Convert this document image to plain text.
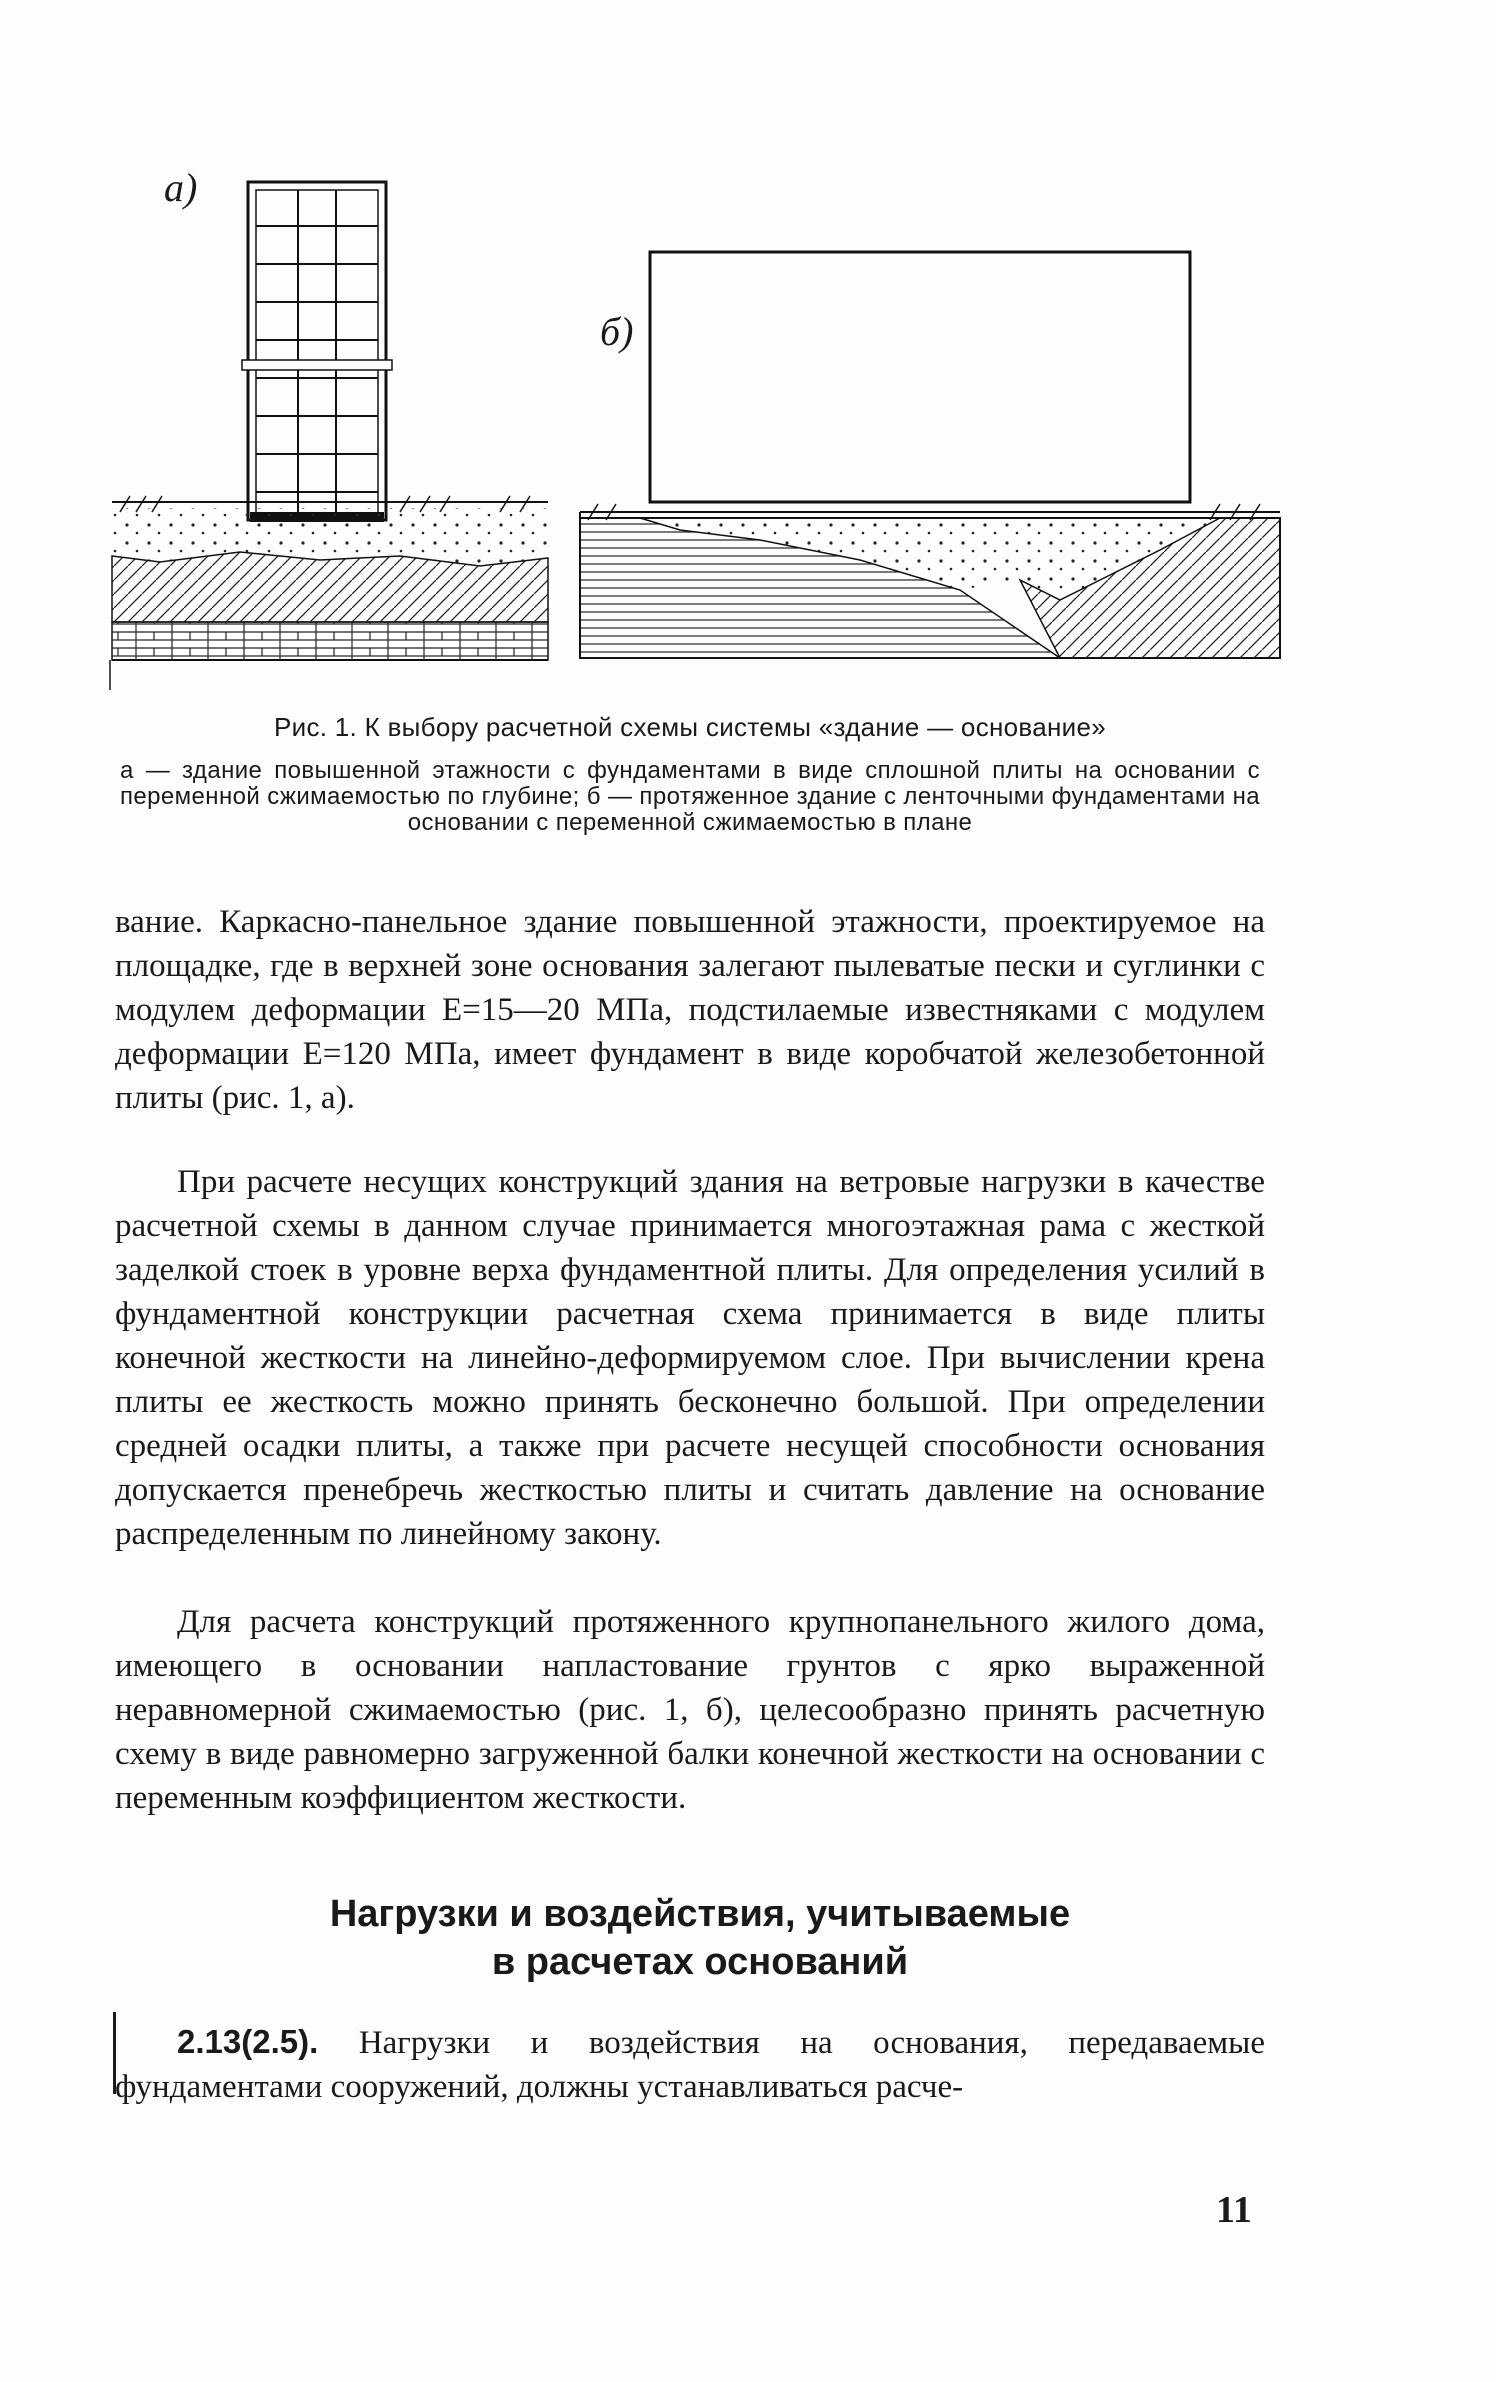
а)
б)
Рис. 1. К выбору расчетной схемы системы «здание — основание»
а — здание повышенной этажности с фундаментами в виде сплошной плиты на основании с переменной сжимаемостью по глубине; б — протяженное здание с ленточными фундаментами на основании с переменной сжимаемостью в плане

вание. Каркасно-панельное здание повышенной этажности, проектируемое на площадке, где в верхней зоне основания залегают пылеватые пески и суглинки с модулем деформации E=15—20 МПа, подстилаемые известняками с модулем деформации E=120 МПа, имеет фундамент в виде коробчатой железобетонной плиты (рис. 1, а).

При расчете несущих конструкций здания на ветровые нагрузки в качестве расчетной схемы в данном случае принимается многоэтажная рама с жесткой заделкой стоек в уровне верха фундаментной плиты. Для определения усилий в фундаментной конструкции расчетная схема принимается в виде плиты конечной жесткости на линейно-деформируемом слое. При вычислении крена плиты ее жесткость можно принять бесконечно большой. При определении средней осадки плиты, а также при расчете несущей способности основания допускается пренебречь жесткостью плиты и считать давление на основание распределенным по линейному закону.

Для расчета конструкций протяженного крупнопанельного жилого дома, имеющего в основании напластование грунтов с ярко выраженной неравномерной сжимаемостью (рис. 1, б), целесообразно принять расчетную схему в виде равномерно загруженной балки конечной жесткости на основании с переменным коэффициентом жесткости.

Нагрузки и воздействия, учитываемые
в расчетах оснований

2.13(2.5). Нагрузки и воздействия на основания, передаваемые фундаментами сооружений, должны устанавливаться расче-

11
